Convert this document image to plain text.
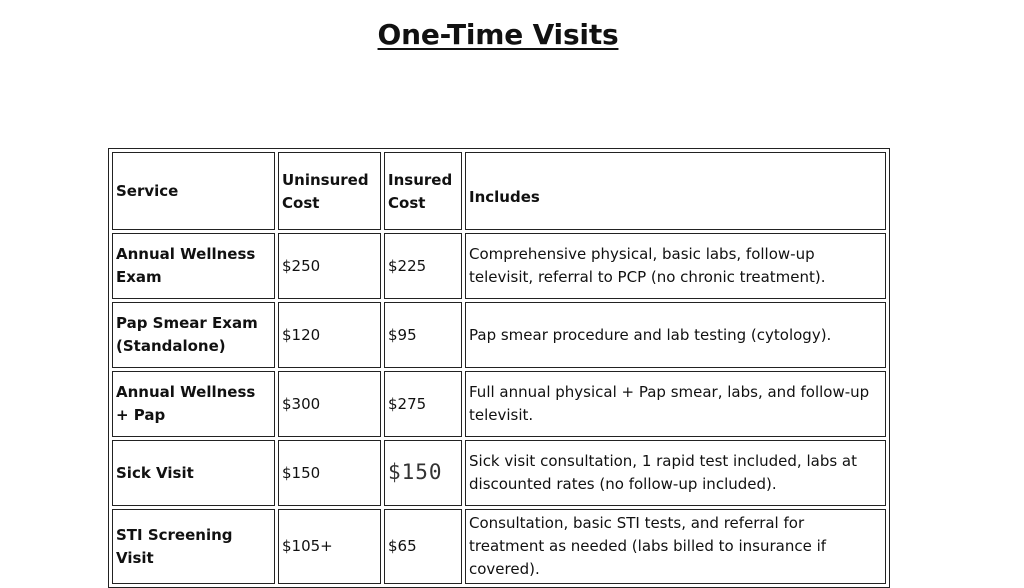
One-Time Visits
Service	Uninsured Cost	Insured Cost	Includes
Annual Wellness Exam	$250	$225	Comprehensive physical, basic labs, follow-up televisit, referral to PCP (no chronic treatment).
Pap Smear Exam (Standalone)	$120	$95	Pap smear procedure and lab testing (cytology).
Annual Wellness + Pap	$300	$275	Full annual physical + Pap smear, labs, and follow-up televisit.
Sick Visit	$150	$150	Sick visit consultation, 1 rapid test included, labs at discounted rates (no follow-up included).
STI Screening Visit	$105+	$65	Consultation, basic STI tests, and referral for treatment as needed (labs billed to insurance if covered).
